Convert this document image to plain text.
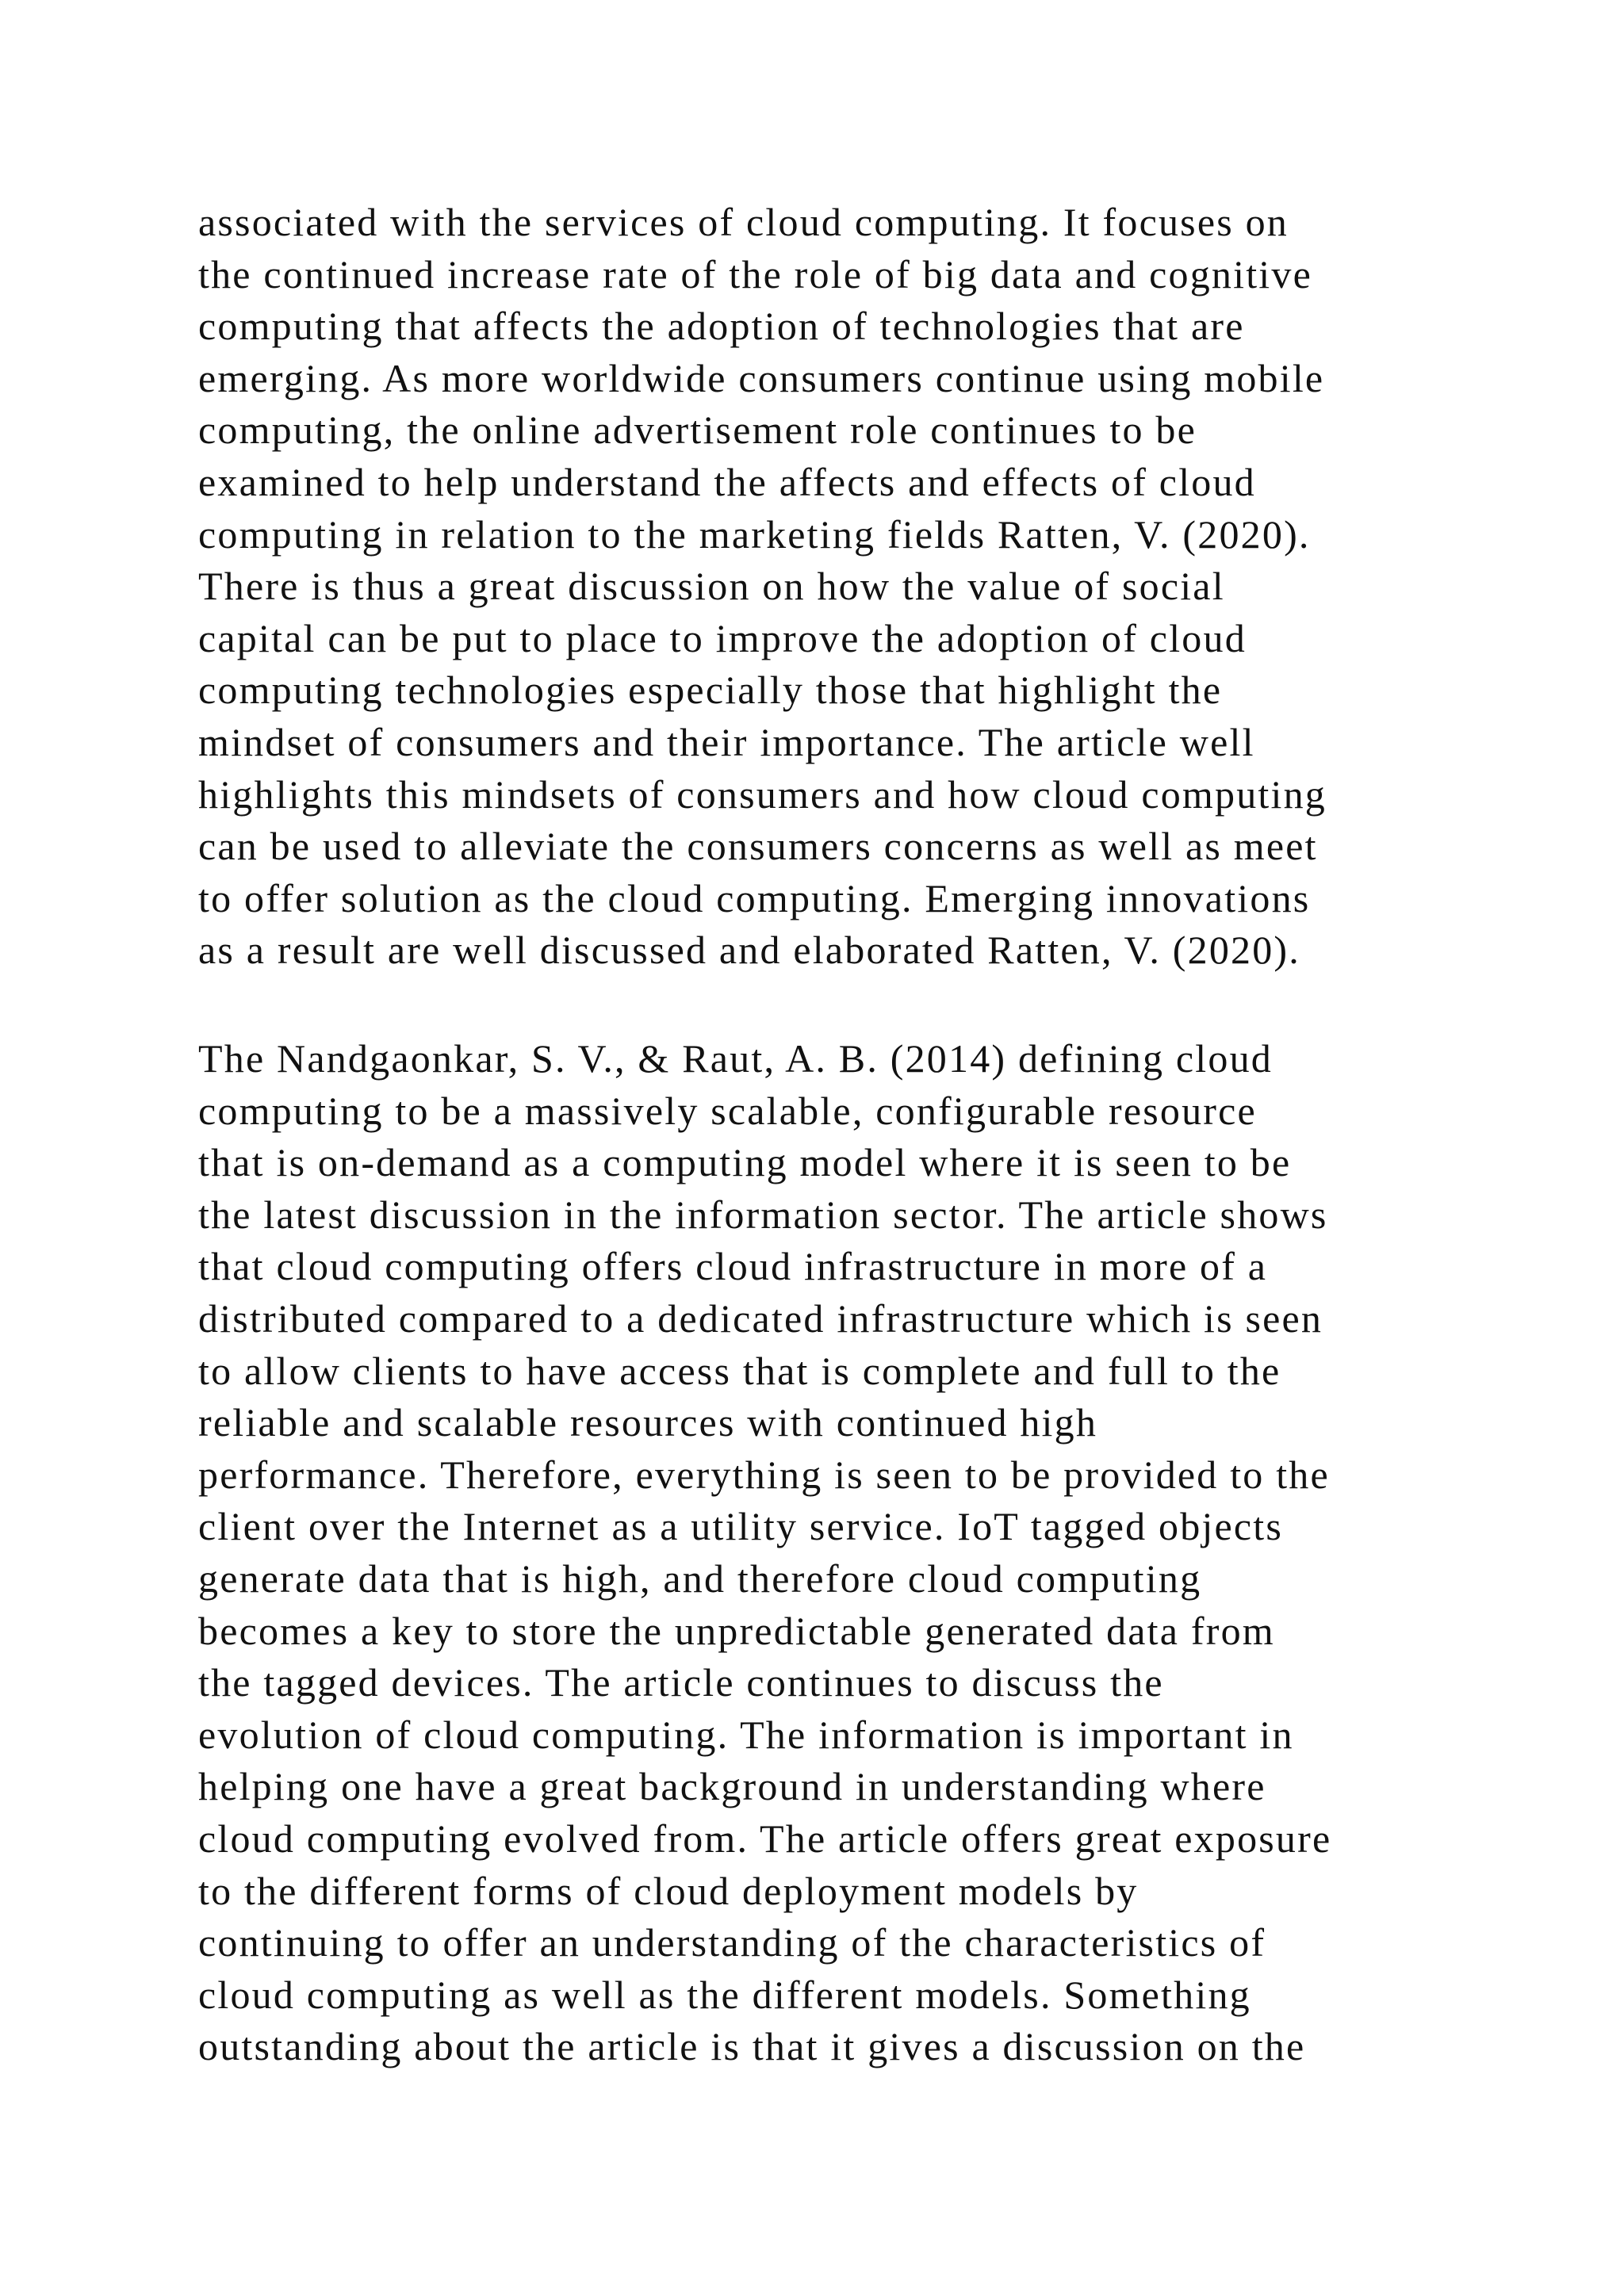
associated with the services of cloud computing. It focuses on
the continued increase rate of the role of big data and cognitive
computing that affects the adoption of technologies that are
emerging. As more worldwide consumers continue using mobile
computing, the online advertisement role continues to be
examined to help understand the affects and effects of cloud
computing in relation to the marketing fields Ratten, V. (2020).
There is thus a great discussion on how the value of social
capital can be put to place to improve the adoption of cloud
computing technologies especially those that highlight the
mindset of consumers and their importance. The article well
highlights this mindsets of consumers and how cloud computing
can be used to alleviate the consumers concerns as well as meet
to offer solution as the cloud computing. Emerging innovations
as a result are well discussed and elaborated Ratten, V. (2020).
The Nandgaonkar, S. V., & Raut, A. B. (2014) defining cloud
computing to be a massively scalable, configurable resource
that is on-demand as a computing model where it is seen to be
the latest discussion in the information sector. The article shows
that cloud computing offers cloud infrastructure in more of a
distributed compared to a dedicated infrastructure which is seen
to allow clients to have access that is complete and full to the
reliable and scalable resources with continued high
performance. Therefore, everything is seen to be provided to the
client over the Internet as a utility service. IoT tagged objects
generate data that is high, and therefore cloud computing
becomes a key to store the unpredictable generated data from
the tagged devices. The article continues to discuss the
evolution of cloud computing. The information is important in
helping one have a great background in understanding where
cloud computing evolved from. The article offers great exposure
to the different forms of cloud deployment models by
continuing to offer an understanding of the characteristics of
cloud computing as well as the different models. Something
outstanding about the article is that it gives a discussion on the
